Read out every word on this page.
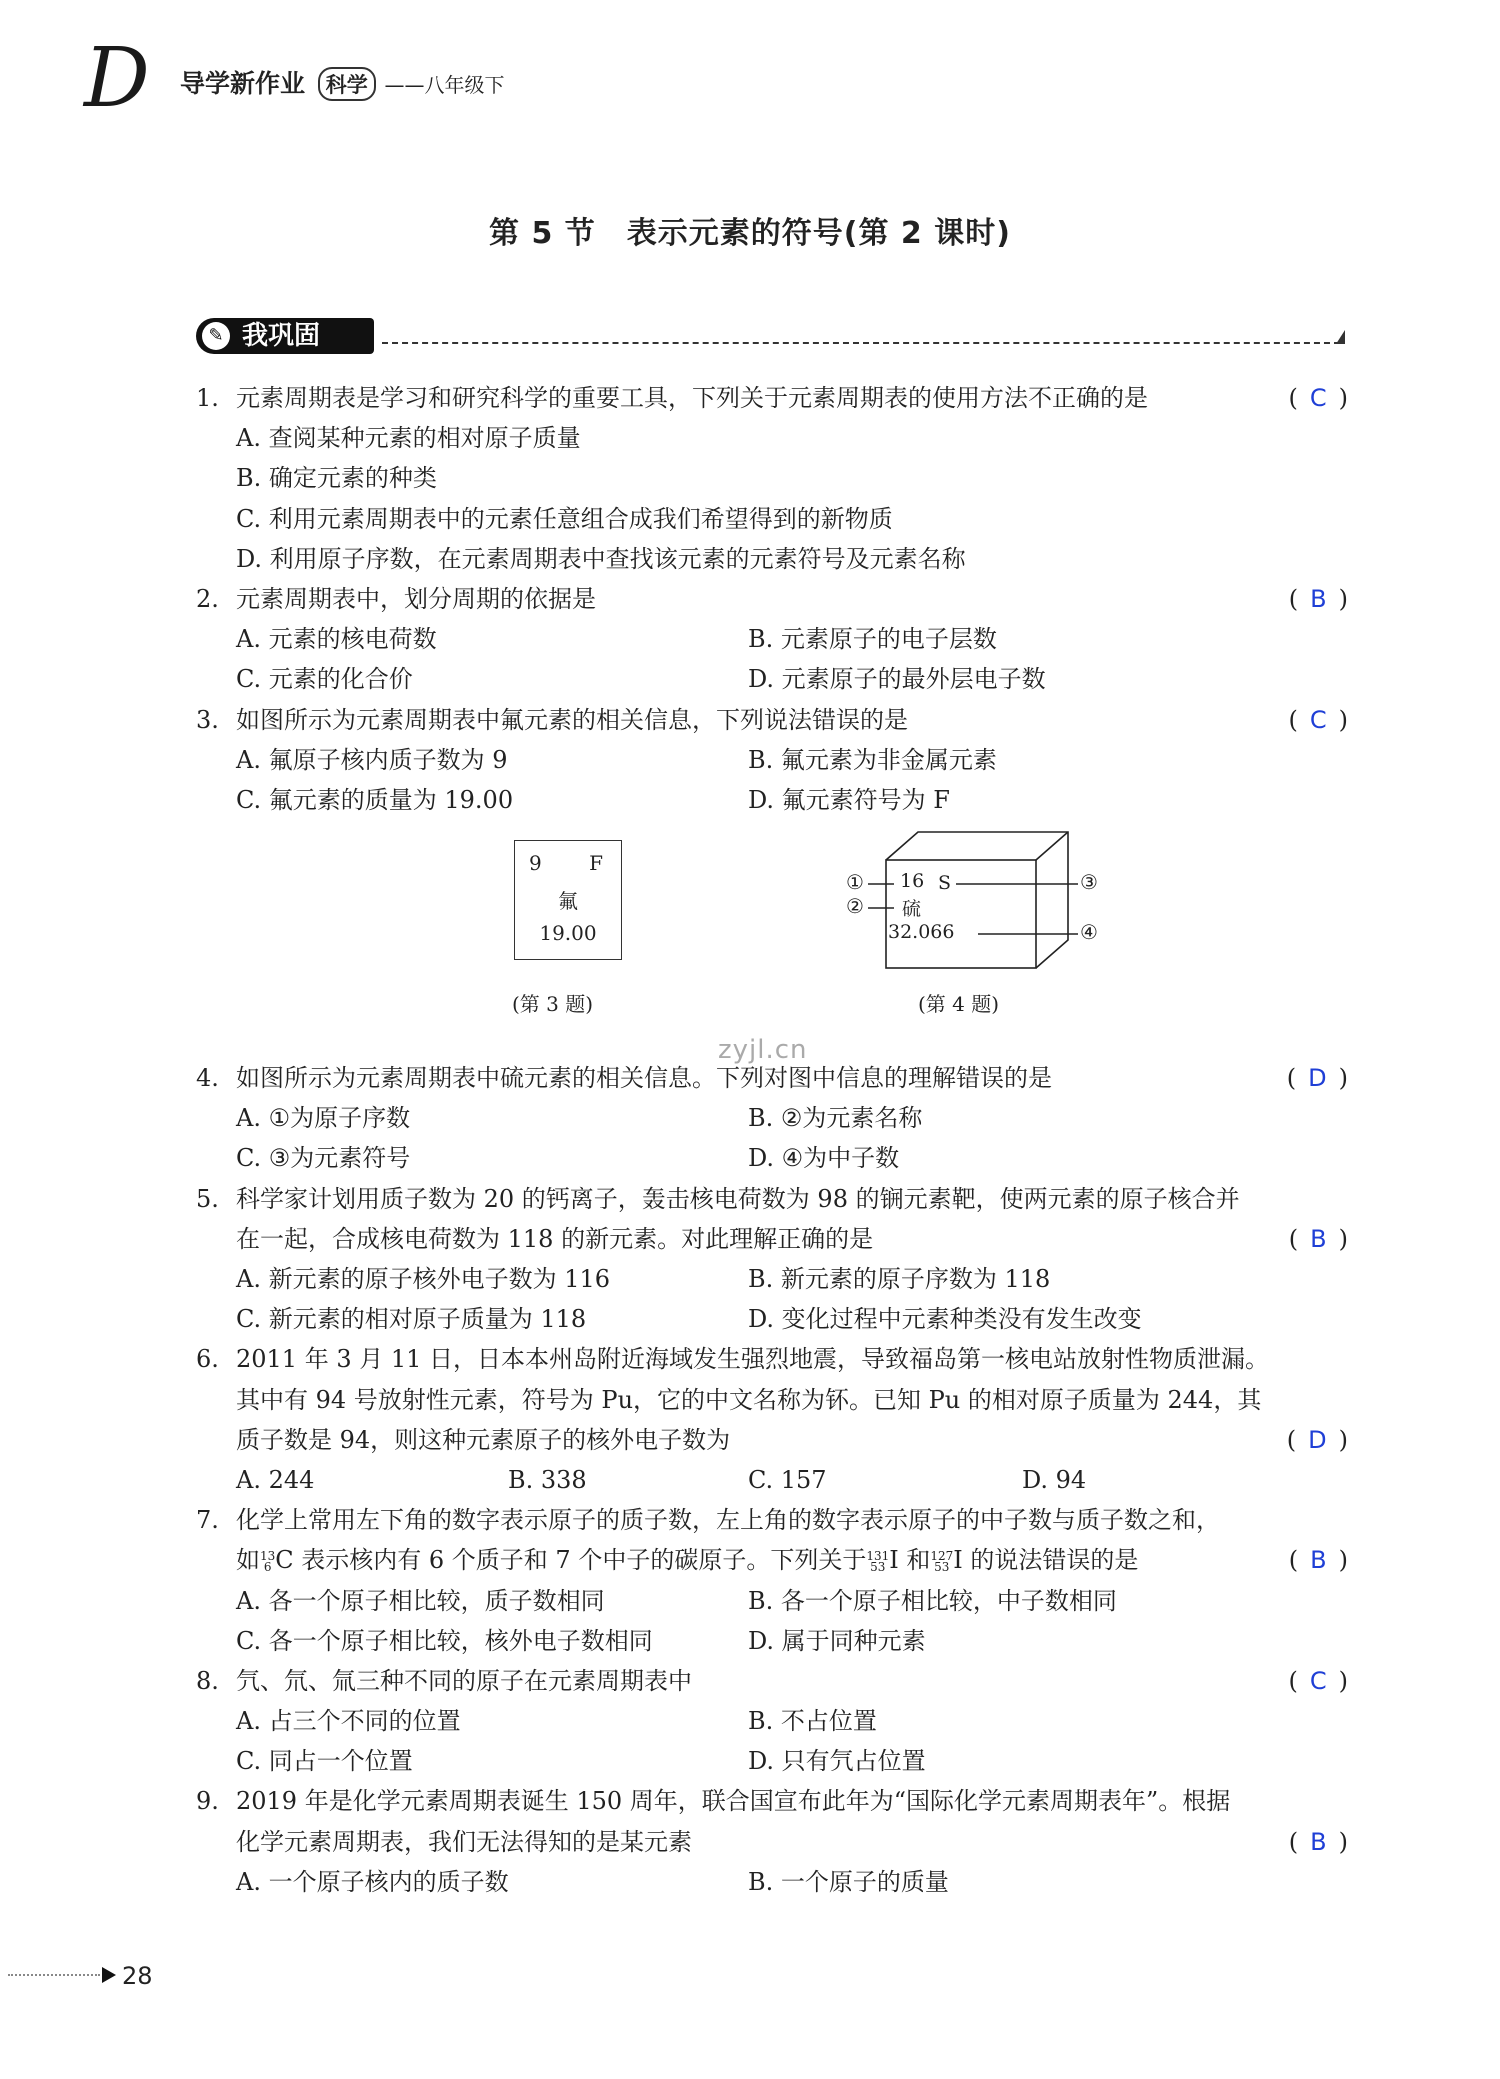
D 导学新作业 科学 ——八年级下
第 5 节　表示元素的符号(第 2 课时)
✎ 我巩固
zyjl.cn
1. 元素周期表是学习和研究科学的重要工具，下列关于元素周期表的使用方法不正确的是	( C )
A. 查阅某种元素的相对原子质量
B. 确定元素的种类
C. 利用元素周期表中的元素任意组合成我们希望得到的新物质
D. 利用原子序数，在元素周期表中查找该元素的元素符号及元素名称
2. 元素周期表中，划分周期的依据是	( B )
A. 元素的核电荷数	B. 元素原子的电子层数
C. 元素的化合价	D. 元素原子的最外层电子数
3. 如图所示为元素周期表中氟元素的相关信息，下列说法错误的是	( C )
A. 氟原子核内质子数为 9	B. 氟元素为非金属元素
C. 氟元素的质量为 19.00	D. 氟元素符号为 F
9 F
氟
19.00
(第 3 题)
①
②
③
④
16 S
硫
32.066
(第 4 题)
4. 如图所示为元素周期表中硫元素的相关信息。下列对图中信息的理解错误的是	( D )
A. ①为原子序数	B. ②为元素名称
C. ③为元素符号	D. ④为中子数
5. 科学家计划用质子数为 20 的钙离子，轰击核电荷数为 98 的锎元素靶，使两元素的原子核合并
在一起，合成核电荷数为 118 的新元素。对此理解正确的是	( B )
A. 新元素的原子核外电子数为 116	B. 新元素的原子序数为 118
C. 新元素的相对原子质量为 118	D. 变化过程中元素种类没有发生改变
6. 2011 年 3 月 11 日，日本本州岛附近海域发生强烈地震，导致福岛第一核电站放射性物质泄漏。
其中有 94 号放射性元素，符号为 Pu，它的中文名称为钚。已知 Pu 的相对原子质量为 244，其
质子数是 94，则这种元素原子的核外电子数为	( D )
A. 244	B. 338	C. 157	D. 94
7. 化学上常用左下角的数字表示原子的质子数，左上角的数字表示原子的中子数与质子数之和，
如13
6 C 表示核内有 6 个质子和 7 个中子的碳原子。下列关于131
53 I 和127
53 I 的说法错误的是	( B )
A. 各一个原子相比较，质子数相同	B. 各一个原子相比较，中子数相同
C. 各一个原子相比较，核外电子数相同	D. 属于同种元素
8. 氕、氘、氚三种不同的原子在元素周期表中	( C )
A. 占三个不同的位置	B. 不占位置
C. 同占一个位置	D. 只有氕占位置
9. 2019 年是化学元素周期表诞生 150 周年，联合国宣布此年为“国际化学元素周期表年”。根据
化学元素周期表，我们无法得知的是某元素	( B )
A. 一个原子核内的质子数	B. 一个原子的质量
28
